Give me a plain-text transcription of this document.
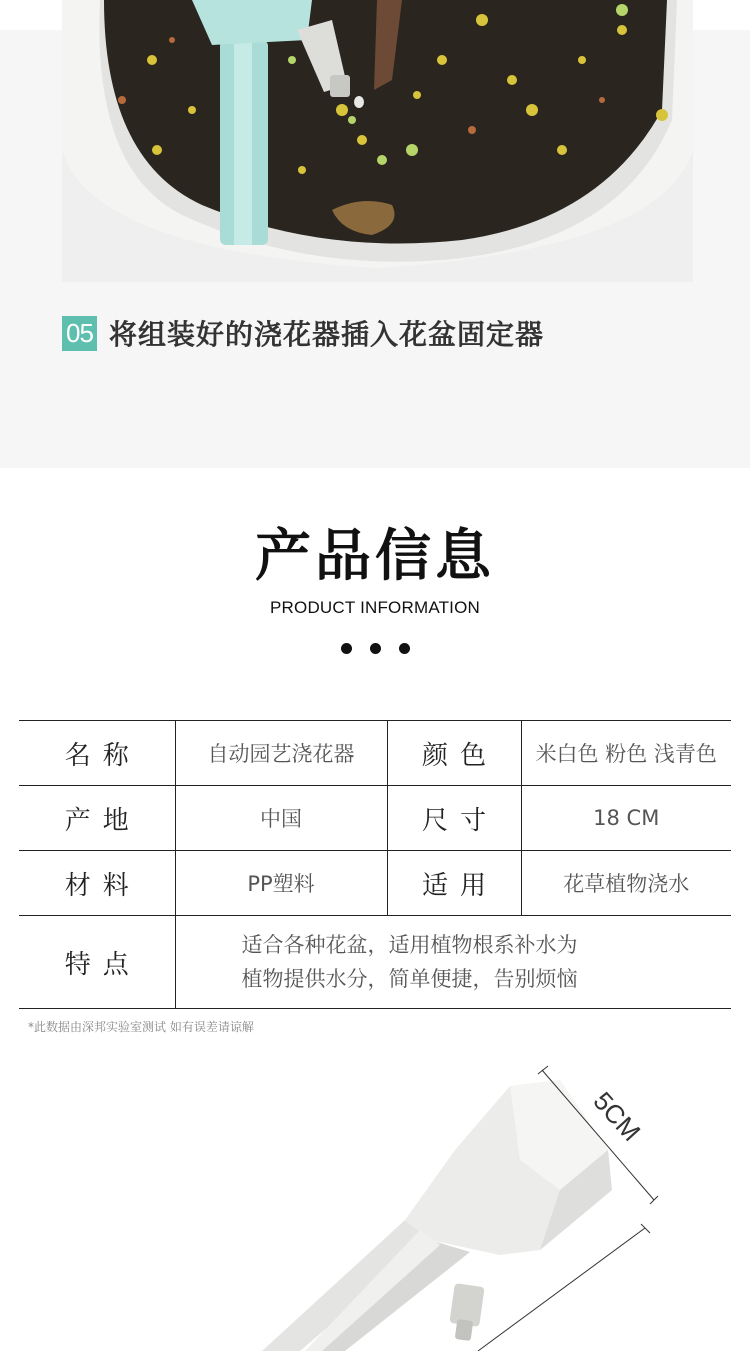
05 将组装好的浇花器插入花盆固定器
产品信息
PRODUCT INFORMATION
名称	自动园艺浇花器	颜色	米白色 粉色 浅青色
产地	中国	尺寸	18 CM
材料	PP塑料	适用	花草植物浇水
特点	适合各种花盆，适用植物根系补水为
植物提供水分，简单便捷，告别烦恼		
*此数据由深邦实验室测试 如有误差请谅解
5CM
